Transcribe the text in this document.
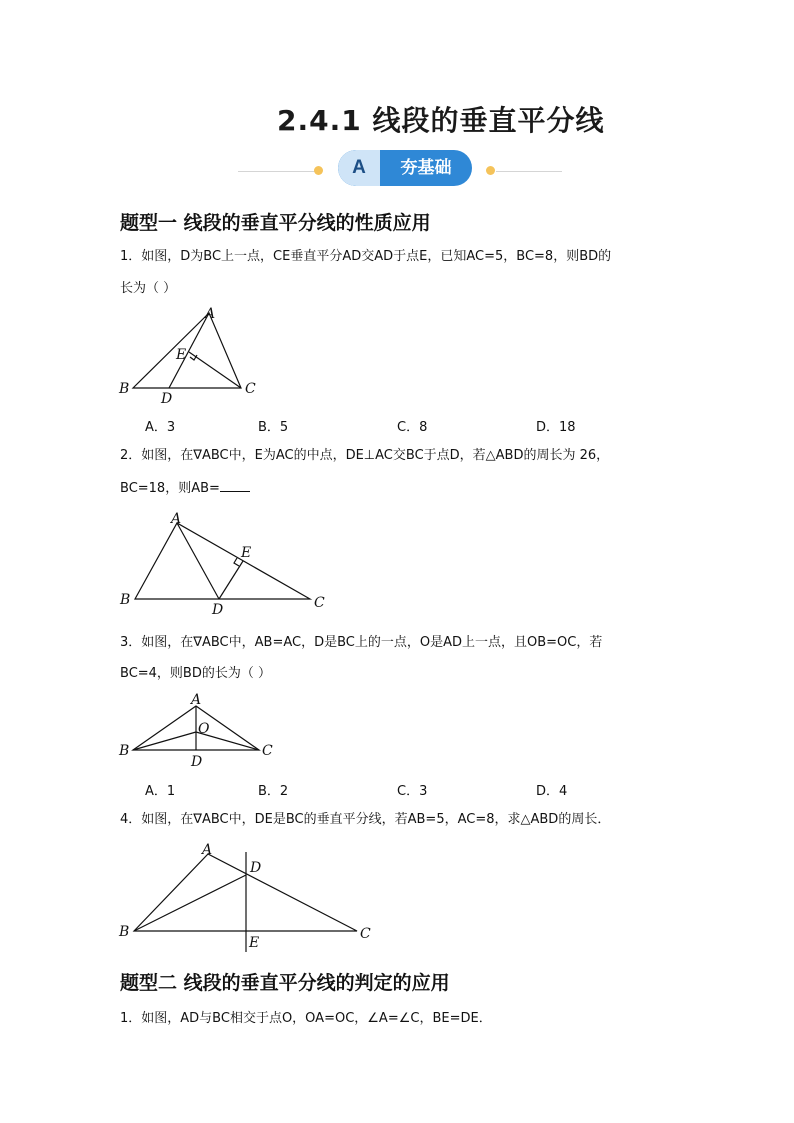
2.4.1 线段的垂直平分线
A	夯基础
题型一 线段的垂直平分线的性质应用
1．如图，D为BC上一点，CE垂直平分AD交AD于点E，已知AC=5，BC=8，则BD的
长为（ ）
A
E
B
D
C
A．3	B．5	C．8	D．18
2．如图，在∇ABC中，E为AC的中点，DE⊥AC交BC于点D，若△ABD的周长为 26，
BC=18，则AB=
A
E
B
D	C
3．如图，在∇ABC中，AB=AC，D是BC上的一点，O是AD上一点，且OB=OC，若
BC=4，则BD的长为（ ）
A
O
B	C
D
A．1	B．2	C．3	D．4
4．如图，在∇ABC中，DE是BC的垂直平分线，若AB=5，AC=8，求△ABD的周长．
A
D
B	C
E
题型二 线段的垂直平分线的判定的应用
1．如图，AD与BC相交于点O，OA=OC，∠A=∠C，BE=DE．
